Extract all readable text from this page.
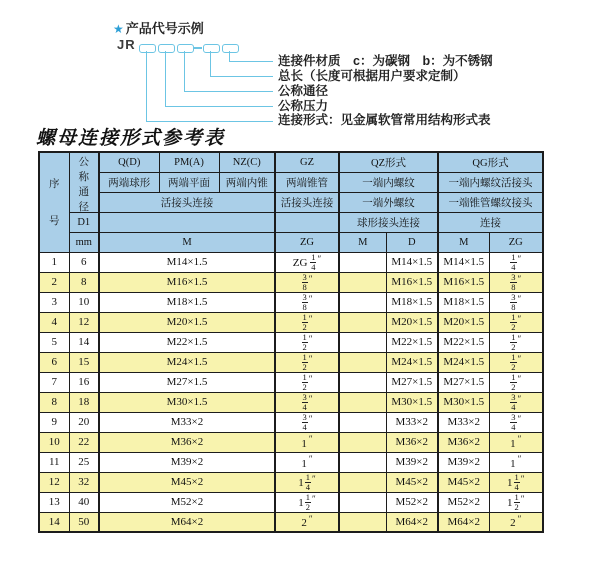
★ 产品代号示例
JR
连接件材质　c：为碳钢　b：为不锈钢
总长（长度可根据用户要求定制）
公称通径
公称压力
连接形式：见金属软管常用结构形式表
螺母连接形式参考表
序
号

公
称
通
径
	Q(D)	PM(A)	NZ(C)	GZ	QZ形式	QG形式
		两端球形	两端平面	两端内锥	两端锥管	一端内螺纹		一端内螺纹活接头	
		活接头连接			活接头连接	一端外螺纹		一端锥管螺纹接头	
	D1					球形接头连接		连接	
	mm	M			ZG	M	D	M	ZG
1	6	M14×1.5			ZG $\frac{1}{4} ''$		M14×1.5	M14×1.5	$\frac{1}{4} ''$
2	8	M16×1.5			$\frac{3}{8} ''$		M16×1.5	M16×1.5	$\frac{3}{8} ''$
3	10	M18×1.5			$\frac{3}{8} ''$		M18×1.5	M18×1.5	$\frac{3}{8} ''$
4	12	M20×1.5			$\frac{1}{2} ''$		M20×1.5	M20×1.5	$\frac{1}{2} ''$
5	14	M22×1.5			$\frac{1}{2} ''$		M22×1.5	M22×1.5	$\frac{1}{2} ''$
6	15	M24×1.5			$\frac{1}{2} ''$		M24×1.5	M24×1.5	$\frac{1}{2} ''$
7	16	M27×1.5			$\frac{1}{2} ''$		M27×1.5	M27×1.5	$\frac{1}{2} ''$
8	18	M30×1.5			$\frac{3}{4} ''$		M30×1.5	M30×1.5	$\frac{3}{4} ''$
9	20	M33×2			$\frac{3}{4} ''$		M33×2	M33×2	$\frac{3}{4} ''$
10	22	M36×2			1 ″		M36×2	M36×2	1 ″
11	25	M39×2			1 ″		M39×2	M39×2	1 ″
12	32	M45×2			$1 \frac{1}{4} ''$		M45×2	M45×2	$1 \frac{1}{4} ''$
13	40	M52×2			$1 \frac{1}{2} ''$		M52×2	M52×2	$1 \frac{1}{2} ''$
14	50	M64×2			2 ″		M64×2	M64×2	2 ″
